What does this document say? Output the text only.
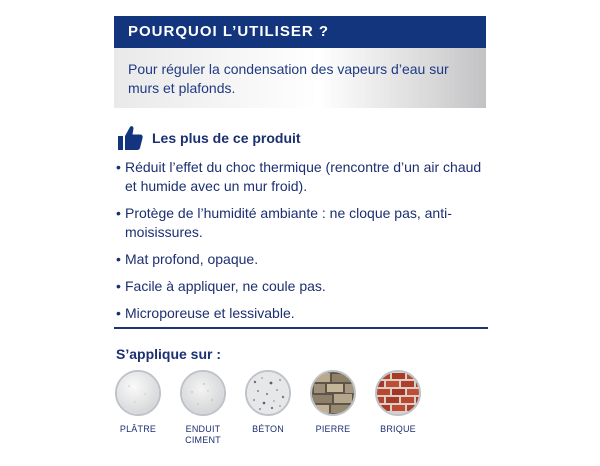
POURQUOI L’UTILISER ?
Pour réguler la condensation des vapeurs d’eau sur murs et plafonds.
Les plus de ce produit
• Réduit l’effet du choc thermique (rencontre d’un air chaud et humide avec un mur froid).
• Protège de l’humidité ambiante : ne cloque pas, anti-moisissures.
• Mat profond, opaque.
• Facile à appliquer, ne coule pas.
• Microporeuse et lessivable.
S’applique sur :
PLÂTRE	ENDUIT
CIMENT
BÉTON	PIERRE	BRIQUE
